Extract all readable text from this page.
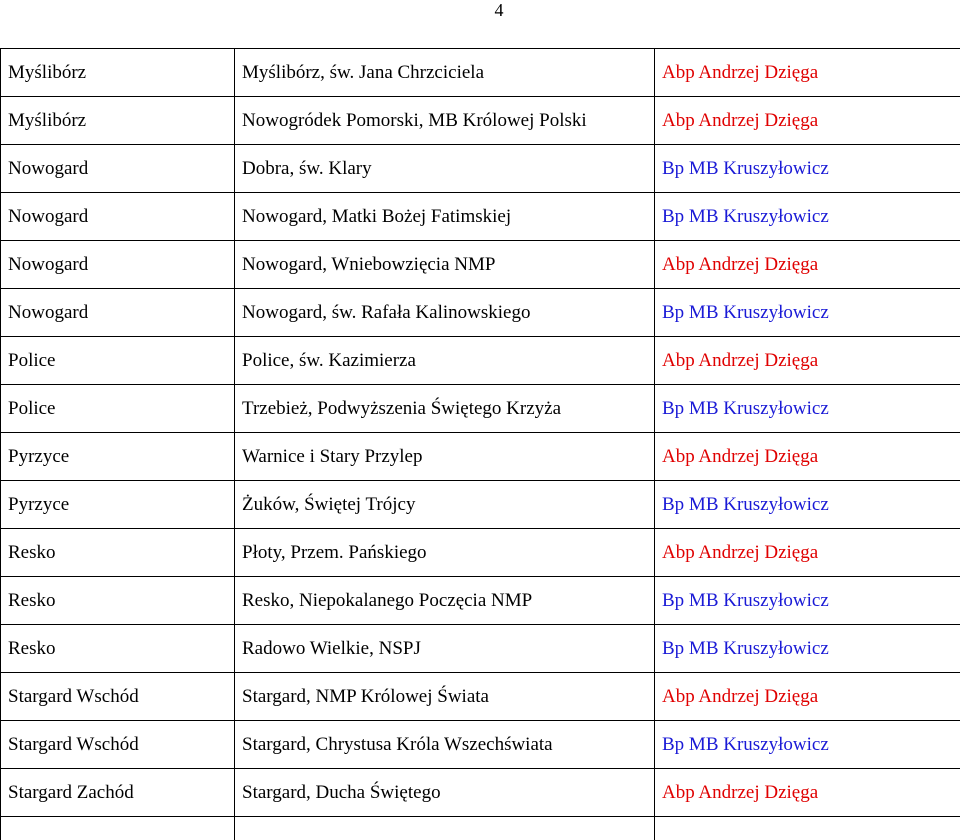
4
Myślibórz	Myślibórz, św. Jana Chrzciciela	Abp Andrzej Dzięga
Myślibórz	Nowogródek Pomorski, MB Królowej Polski	Abp Andrzej Dzięga
Nowogard	Dobra, św. Klary	Bp MB Kruszyłowicz
Nowogard	Nowogard, Matki Bożej Fatimskiej	Bp MB Kruszyłowicz
Nowogard	Nowogard, Wniebowzięcia NMP	Abp Andrzej Dzięga
Nowogard	Nowogard, św. Rafała Kalinowskiego	Bp MB Kruszyłowicz
Police	Police, św. Kazimierza	Abp Andrzej Dzięga
Police	Trzebież, Podwyższenia Świętego Krzyża	Bp MB Kruszyłowicz
Pyrzyce	Warnice i Stary Przylep	Abp Andrzej Dzięga
Pyrzyce	Żuków, Świętej Trójcy	Bp MB Kruszyłowicz
Resko	Płoty, Przem. Pańskiego	Abp Andrzej Dzięga
Resko	Resko, Niepokalanego Poczęcia NMP	Bp MB Kruszyłowicz
Resko	Radowo Wielkie, NSPJ	Bp MB Kruszyłowicz
Stargard Wschód	Stargard, NMP Królowej Świata	Abp Andrzej Dzięga
Stargard Wschód	Stargard, Chrystusa Króla Wszechświata	Bp MB Kruszyłowicz
Stargard Zachód	Stargard, Ducha Świętego	Abp Andrzej Dzięga
